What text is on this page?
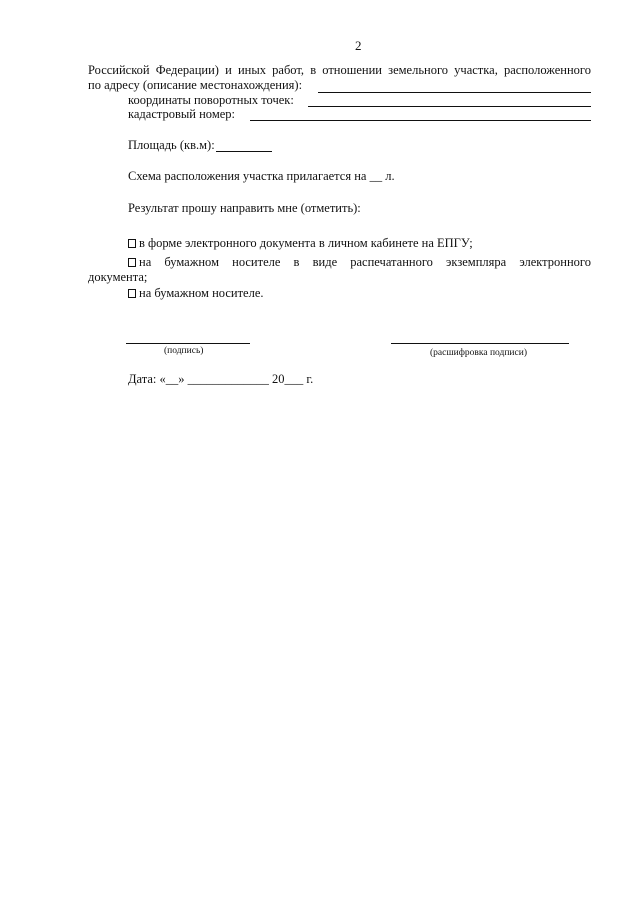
2
Российской Федерации) и иных работ, в отношении земельного участка, расположенного
по адресу (описание местонахождения):
координаты поворотных точек:
кадастровый номер:
Площадь (кв.м):
Схема расположения участка прилагается на __ л.
Результат прошу направить мне (отметить):
в форме электронного документа в личном кабинете на ЕПГУ;
на бумажном носителе в виде распечатанного экземпляра электронного
документа;
на бумажном носителе.
(подпись)	(расшифровка подписи)
Дата: «__» _____________ 20___ г.
